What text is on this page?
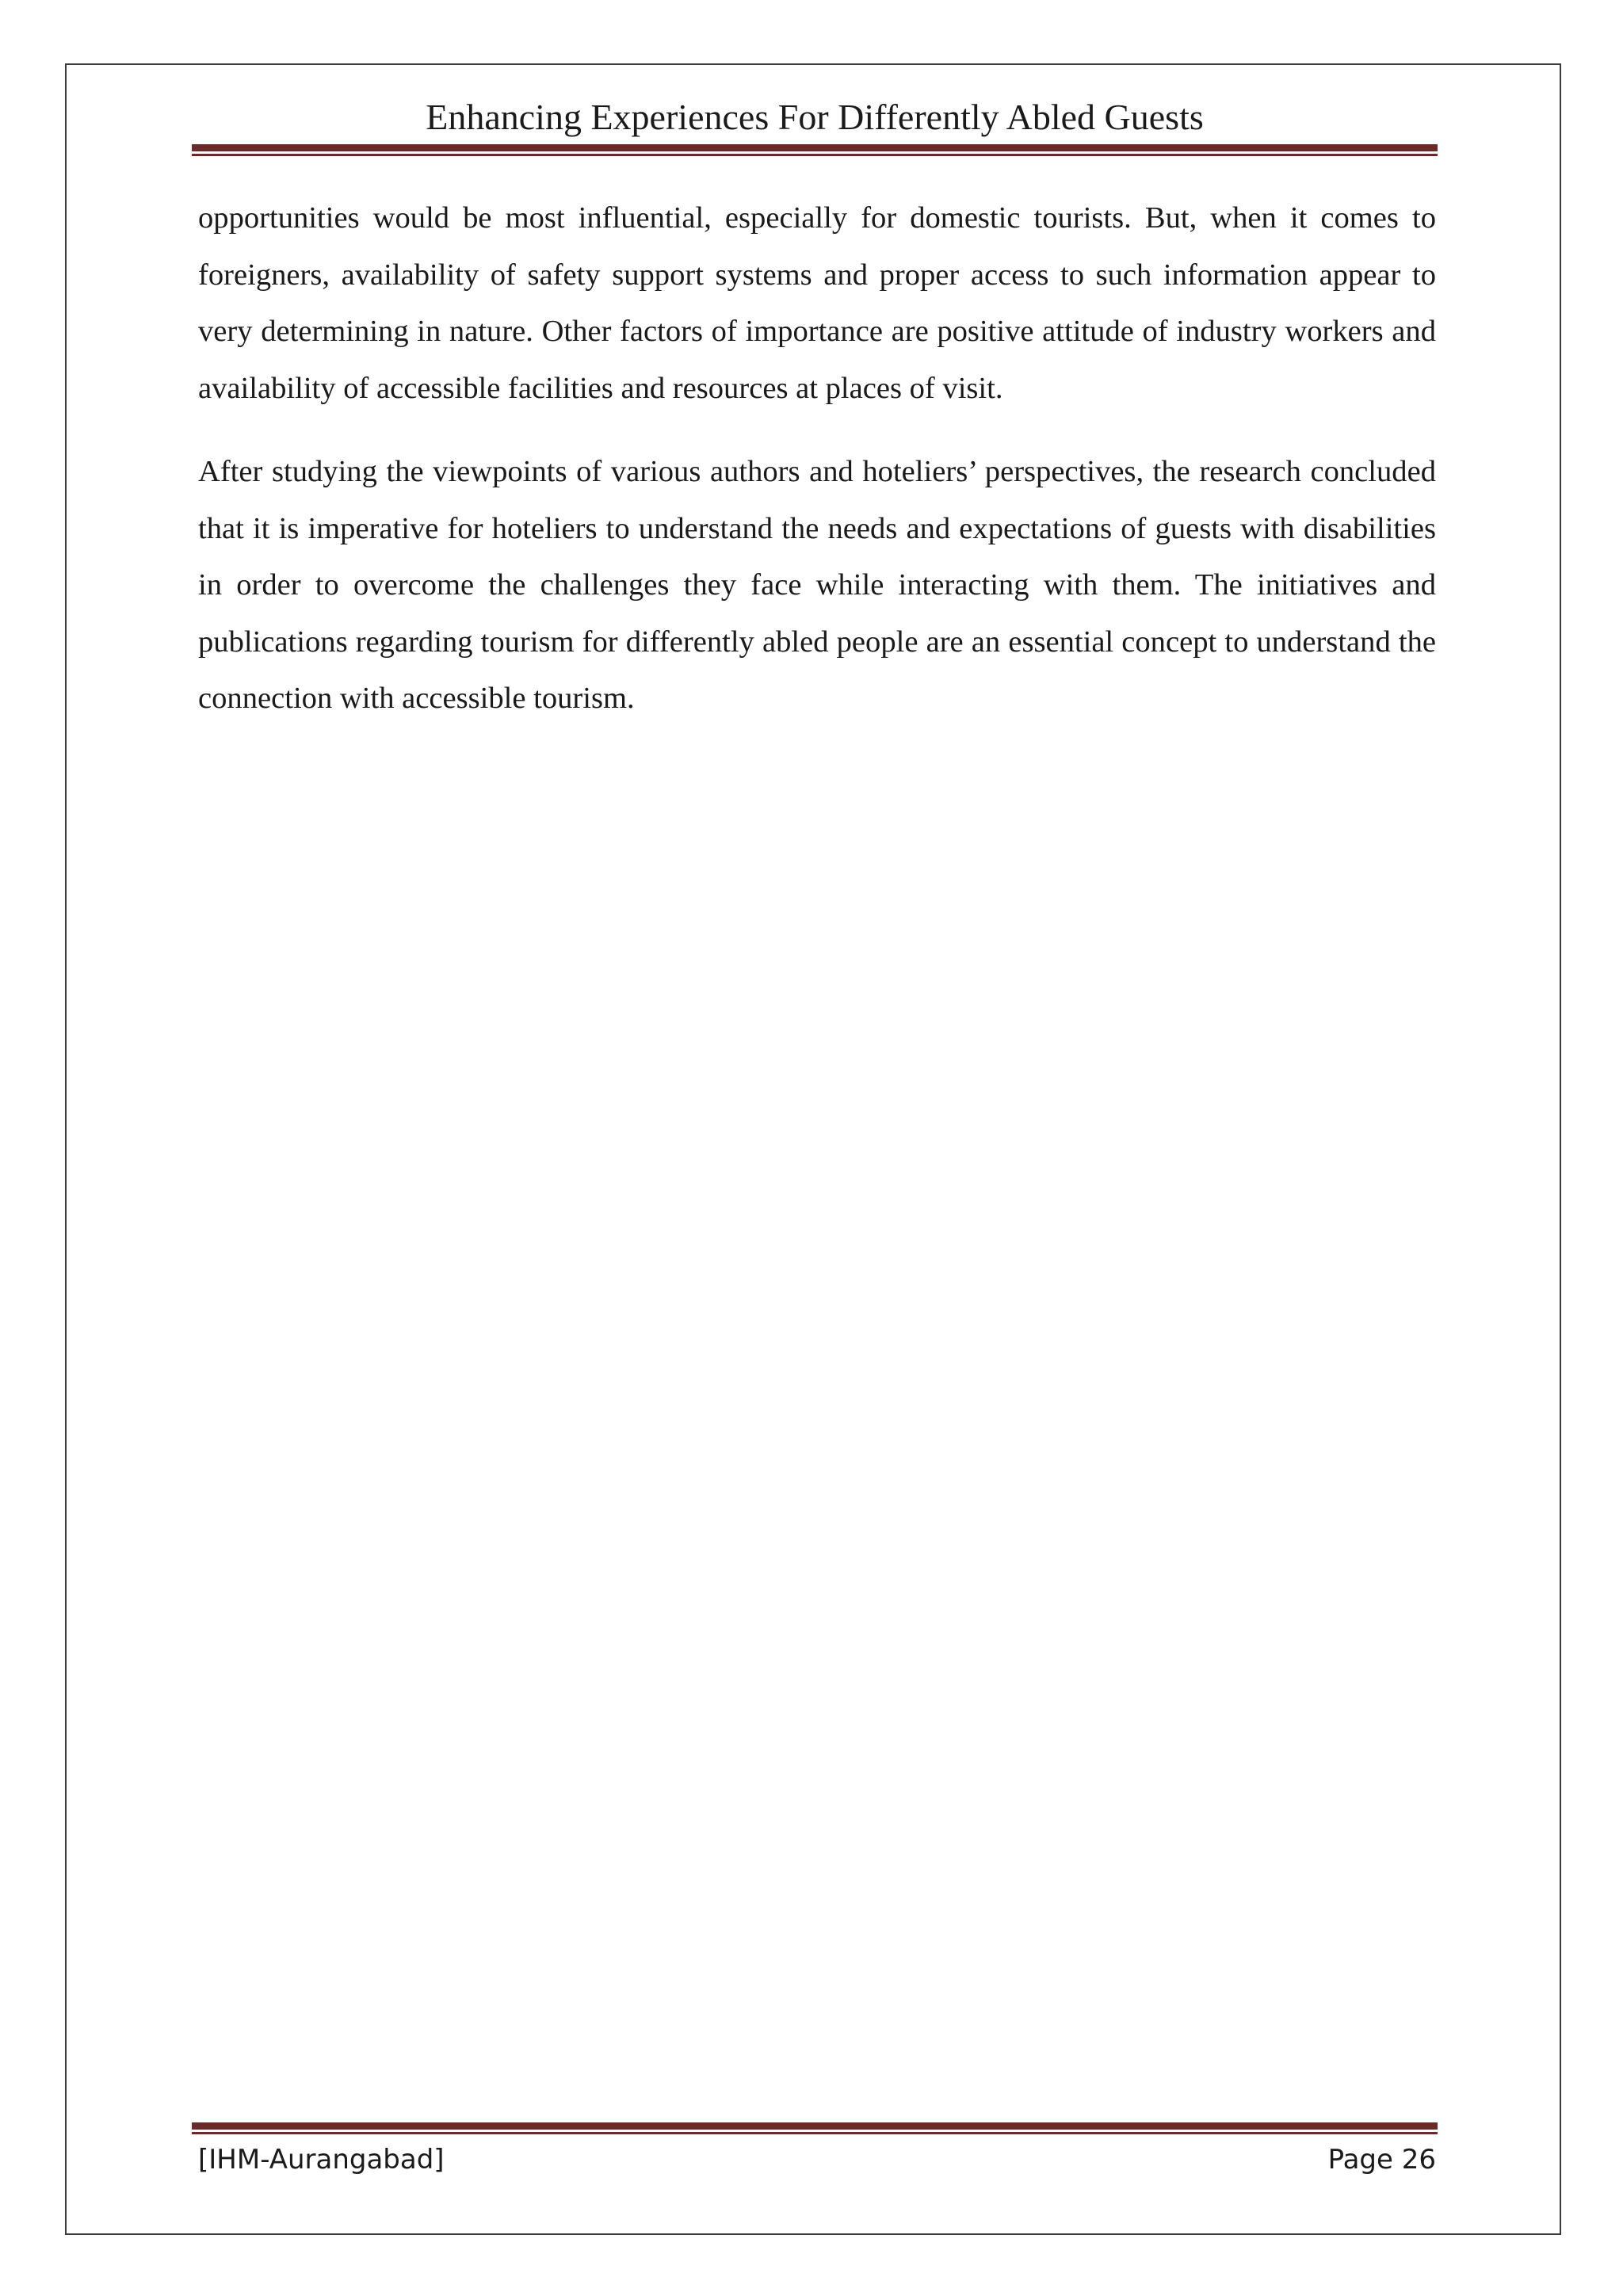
Enhancing Experiences For Differently Abled Guests

opportunities would be most influential, especially for domestic tourists. But, when it comes to foreigners, availability of safety support systems and proper access to such information appear to very determining in nature. Other factors of importance are positive attitude of industry workers and availability of accessible facilities and resources at places of visit.

After studying the viewpoints of various authors and hoteliers’ perspectives, the research concluded that it is imperative for hoteliers to understand the needs and expectations of guests with disabilities in order to overcome the challenges they face while interacting with them. The initiatives and publications regarding tourism for differently abled people are an essential concept to understand the connection with accessible tourism.

[IHM-Aurangabad]	Page 26
